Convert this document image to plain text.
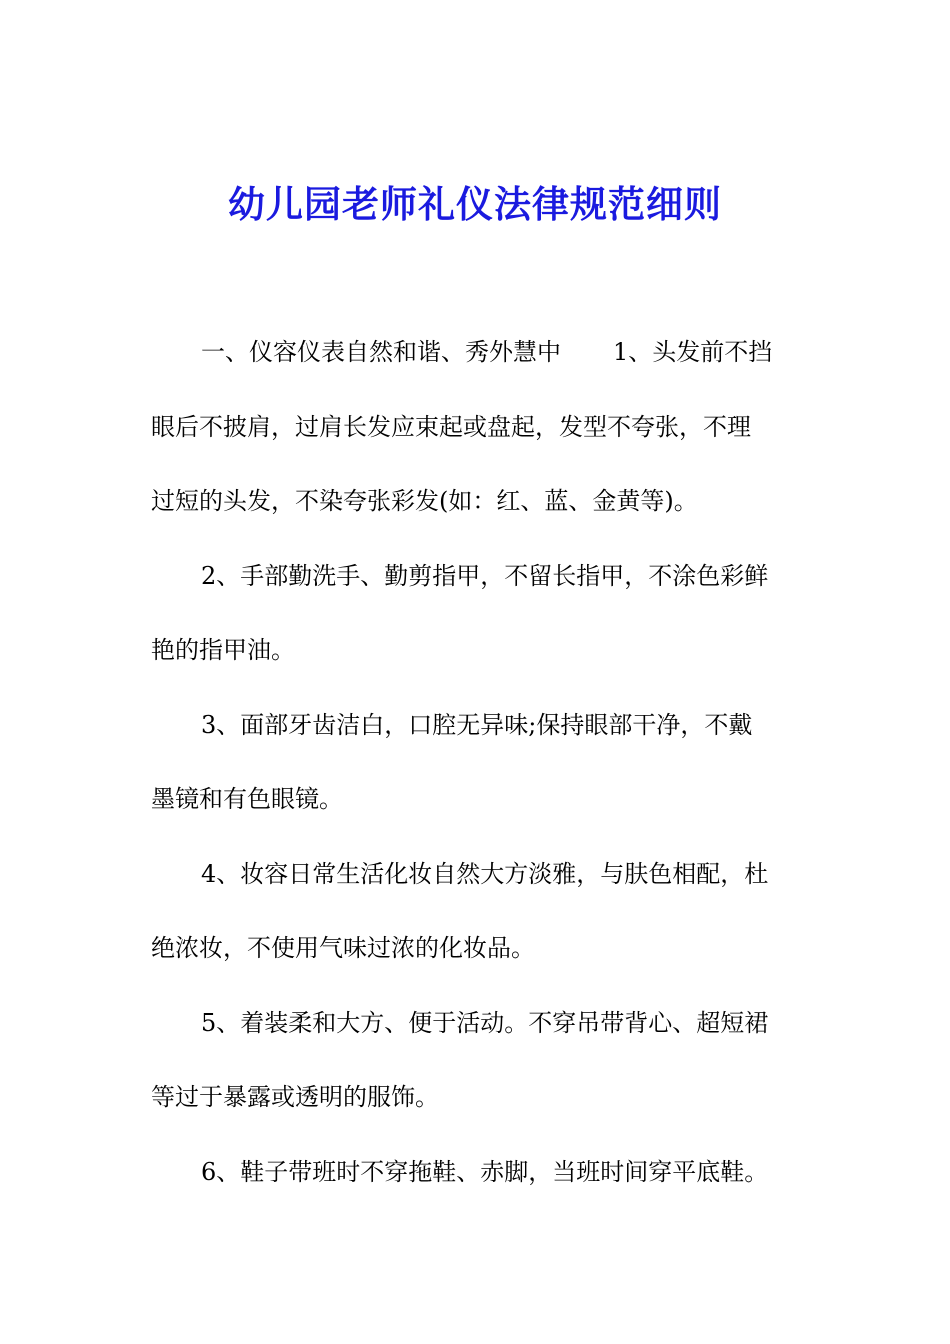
幼儿园老师礼仪法律规范细则
一、仪容仪表自然和谐、秀外慧中 1、头发前不挡
眼后不披肩，过肩长发应束起或盘起，发型不夸张，不理
过短的头发，不染夸张彩发(如：红、蓝、金黄等)。
2、手部勤洗手、勤剪指甲，不留长指甲，不涂色彩鲜
艳的指甲油。
3、面部牙齿洁白，口腔无异味;保持眼部干净，不戴
墨镜和有色眼镜。
4、妆容日常生活化妆自然大方淡雅，与肤色相配，杜
绝浓妆，不使用气味过浓的化妆品。
5、着装柔和大方、便于活动。不穿吊带背心、超短裙
等过于暴露或透明的服饰。
6、鞋子带班时不穿拖鞋、赤脚，当班时间穿平底鞋。
